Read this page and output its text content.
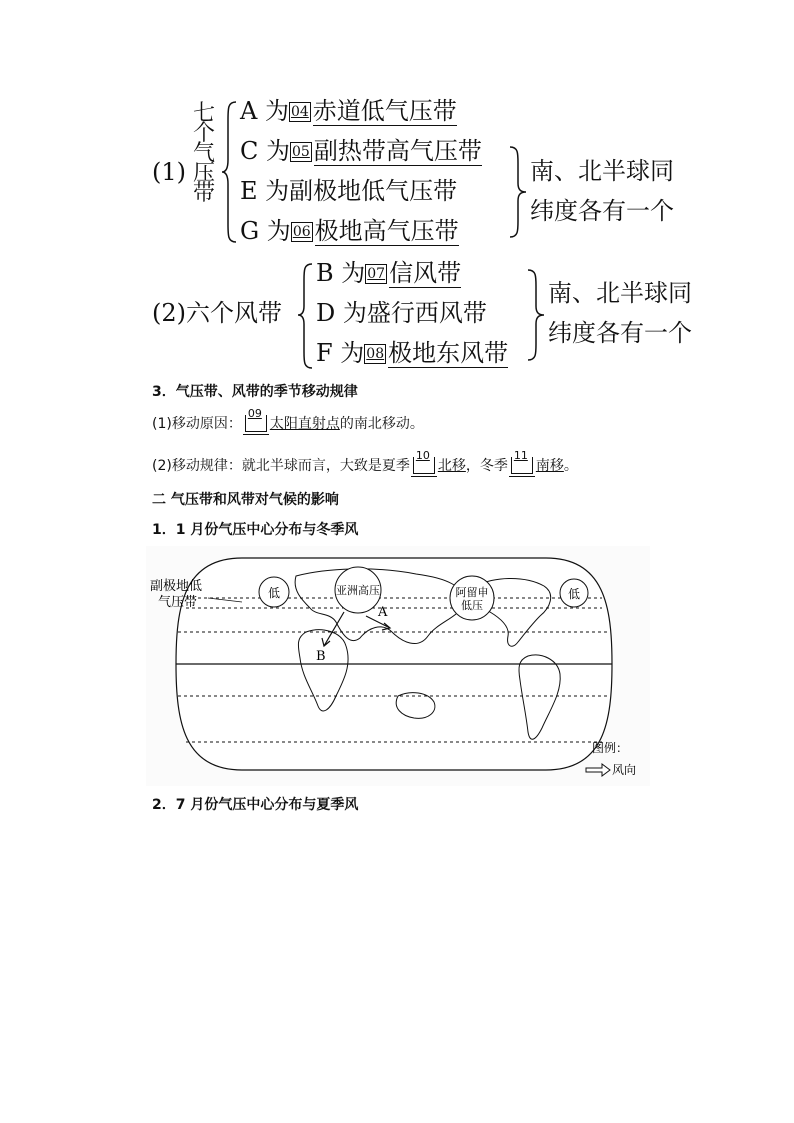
(1)
七
个
气
压
带
A 为 04 赤道低气压带
C 为 05 副热带高气压带
E 为副极地低气压带
G 为 06 极地高气压带
南、北半球同
纬度各有一个
(2)六个风带
B 为 07 信风带
D 为盛行西风带
F 为 08 极地东风带
南、北半球同
纬度各有一个
3．气压带、风带的季节移动规律
(1)移动原因：
09
太阳直射点的南北移动。
(2)移动规律：就北半球而言，大致是夏季
10
北移，冬季
11
南移。
二 气压带和风带对气候的影响
1．1 月份气压中心分布与冬季风
低	亚洲高压	阿留申
低压
低
A
B
副极地低
气压带
图例：
风向
2．7 月份气压中心分布与夏季风
